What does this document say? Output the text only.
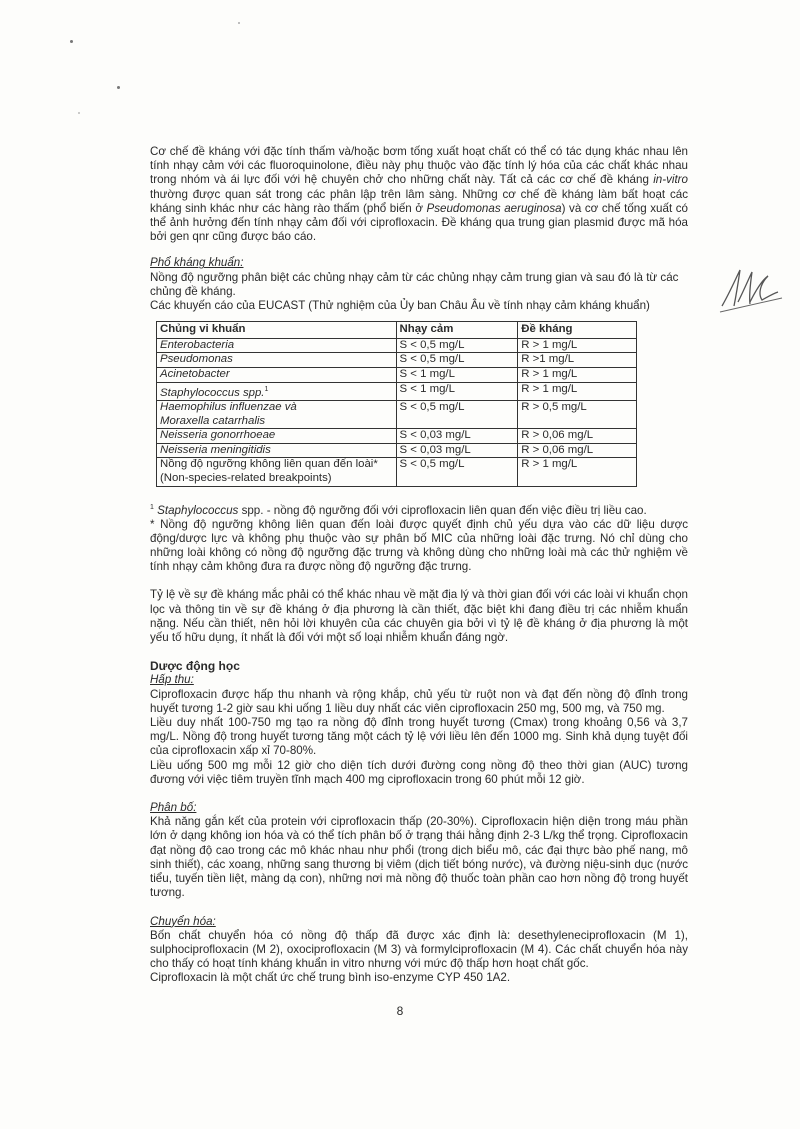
Cơ chế đề kháng với đặc tính thấm và/hoặc bơm tống xuất hoạt chất có thể có tác dụng khác nhau lên tính nhạy cảm với các fluoroquinolone, điều này phụ thuộc vào đặc tính lý hóa của các chất khác nhau trong nhóm và ái lực đối với hệ chuyên chở cho những chất này. Tất cả các cơ chế đề kháng in-vitro thường được quan sát trong các phân lập trên lâm sàng. Những cơ chế đề kháng làm bất hoạt các kháng sinh khác như các hàng rào thấm (phổ biến ở Pseudomonas aeruginosa) và cơ chế tống xuất có thể ảnh hưởng đến tính nhạy cảm đối với ciprofloxacin. Đề kháng qua trung gian plasmid được mã hóa bởi gen qnr cũng được báo cáo.

Phổ kháng khuẩn:

Nồng độ ngưỡng phân biệt các chủng nhạy cảm từ các chủng nhạy cảm trung gian và sau đó là từ các chủng đề kháng.

Các khuyến cáo của EUCAST (Thử nghiệm của Ủy ban Châu Âu về tính nhạy cảm kháng khuẩn)

Chủng vi khuẩn	Nhạy cảm	Đề kháng
Enterobacteria	S < 0,5 mg/L	R > 1 mg/L
Pseudomonas	S < 0,5 mg/L	R >1 mg/L
Acinetobacter	S < 1 mg/L	R > 1 mg/L
Staphylococcus spp.$^1$	S < 1 mg/L	R > 1 mg/L
Haemophilus influenzae và
Moraxella catarrhalis	S < 0,5 mg/L	R > 0,5 mg/L
Neisseria gonorrhoeae	S < 0,03 mg/L	R > 0,06 mg/L
Neisseria meningitidis	S < 0,03 mg/L	R > 0,06 mg/L
Nồng độ ngưỡng không liên quan đến loài*
(Non-species-related breakpoints)	S < 0,5 mg/L	R > 1 mg/L

$^1$ Staphylococcus spp. - nồng độ ngưỡng đối với ciprofloxacin liên quan đến việc điều trị liều cao.

* Nồng độ ngưỡng không liên quan đến loài được quyết định chủ yếu dựa vào các dữ liệu dược động/dược lực và không phụ thuộc vào sự phân bố MIC của những loài đặc trưng. Nó chỉ dùng cho những loài không có nồng độ ngưỡng đặc trưng và không dùng cho những loài mà các thử nghiệm về tính nhạy cảm không đưa ra được nồng độ ngưỡng đặc trưng.

Tỷ lệ về sự đề kháng mắc phải có thể khác nhau về mặt địa lý và thời gian đối với các loài vi khuẩn chọn lọc và thông tin về sự đề kháng ở địa phương là cần thiết, đặc biệt khi đang điều trị các nhiễm khuẩn nặng. Nếu cần thiết, nên hỏi lời khuyên của các chuyên gia bởi vì tỷ lệ đề kháng ở địa phương là một yếu tố hữu dụng, ít nhất là đối với một số loại nhiễm khuẩn đáng ngờ.

Dược động học
Hấp thu:

Ciprofloxacin được hấp thu nhanh và rộng khắp, chủ yếu từ ruột non và đạt đến nồng độ đỉnh trong huyết tương 1-2 giờ sau khi uống 1 liều duy nhất các viên ciprofloxacin 250 mg, 500 mg, và 750 mg.

Liều duy nhất 100-750 mg tạo ra nồng độ đỉnh trong huyết tương (Cmax) trong khoảng 0,56 và 3,7 mg/L. Nồng độ trong huyết tương tăng một cách tỷ lệ với liều lên đến 1000 mg. Sinh khả dụng tuyệt đối của ciprofloxacin xấp xỉ 70-80%.

Liều uống 500 mg mỗi 12 giờ cho diện tích dưới đường cong nồng độ theo thời gian (AUC) tương đương với việc tiêm truyền tĩnh mạch 400 mg ciprofloxacin trong 60 phút mỗi 12 giờ.

Phân bố:

Khả năng gắn kết của protein với ciprofloxacin thấp (20-30%). Ciprofloxacin hiện diện trong máu phần lớn ở dạng không ion hóa và có thể tích phân bố ở trạng thái hằng định 2-3 L/kg thể trọng. Ciprofloxacin đạt nồng độ cao trong các mô khác nhau như phổi (trong dịch biểu mô, các đại thực bào phế nang, mô sinh thiết), các xoang, những sang thương bị viêm (dịch tiết bóng nước), và đường niệu-sinh dục (nước tiểu, tuyến tiền liệt, màng dạ con), những nơi mà nồng độ thuốc toàn phần cao hơn nồng độ trong huyết tương.

Chuyển hóa:

Bốn chất chuyển hóa có nồng độ thấp đã được xác định là: desethyleneciprofloxacin (M 1), sulphociprofloxacin (M 2), oxociprofloxacin (M 3) và formylciprofloxacin (M 4). Các chất chuyển hóa này cho thấy có hoạt tính kháng khuẩn in vitro nhưng với mức độ thấp hơn hoạt chất gốc.

Ciprofloxacin là một chất ức chế trung bình iso-enzyme CYP 450 1A2.

8
